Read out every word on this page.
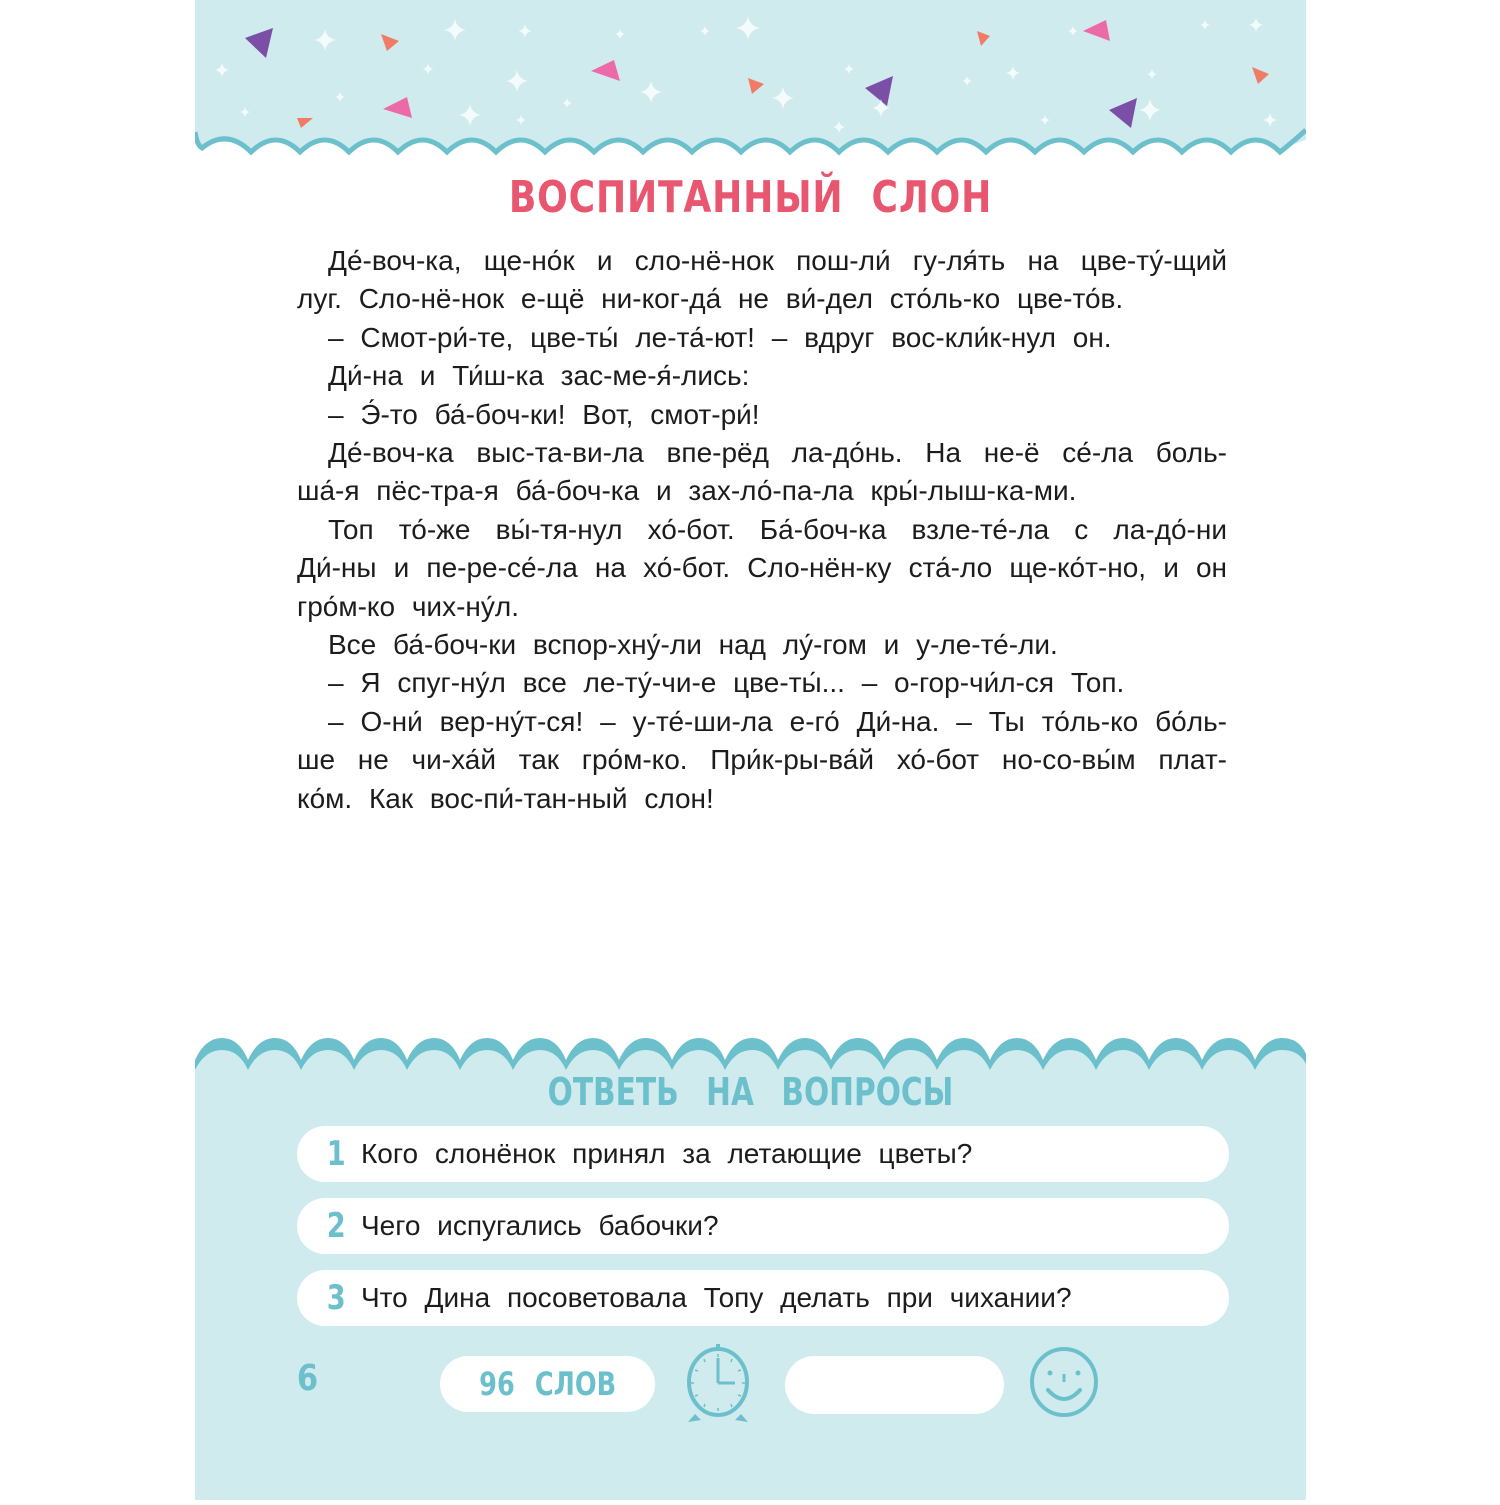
ВОСПИТАННЫЙ СЛОН

Де́-воч-ка, ще-но́к и сло-нё-нок пош-ли́ гу-ля́ть на цве-ту́-щий луг. Сло-нё-нок е-щё ни-ког-да́ не ви́-дел сто́ль-ко цве-то́в.

– Смот-ри́-те, цве-ты́ ле-та́-ют! – вдруг вос-кли́к-нул он.

Ди́-на и Ти́ш-ка зас-ме-я́-лись:

– Э́-то ба́-боч-ки! Вот, смот-ри́!

Де́-воч-ка выс-та-ви-ла впе-рёд ла-до́нь. На не-ё се́-ла боль-ша́-я пёс-тра-я ба́-боч-ка и зах-ло́-па-ла кры́-лыш-ка-ми.

Топ то́-же вы́-тя-нул хо́-бот. Ба́-боч-ка взле-те́-ла с ла-до́-ни Ди́-ны и пе-ре-се́-ла на хо́-бот. Сло-нён-ку ста́-ло ще-ко́т-но, и он гро́м-ко чих-ну́л.

Все ба́-боч-ки вспор-хну́-ли над лу́-гом и у-ле-те́-ли.

– Я спуг-ну́л все ле-ту́-чи-е цве-ты́... – о-гор-чи́л-ся Топ.

– О-ни́ вер-ну́т-ся! – у-те́-ши-ла е-го́ Ди́-на. – Ты то́ль-ко бо́ль-ше не чи-ха́й так гро́м-ко. При́к-ры-ва́й хо́-бот но-со-вы́м плат-ко́м. Как вос-пи́-тан-ный слон!

ОТВЕТЬ НА ВОПРОСЫ
1 Кого слонёнок принял за летающие цветы?
2 Чего испугались бабочки?
3 Что Дина посоветовала Топу делать при чихании?
6	96 СЛОВ
